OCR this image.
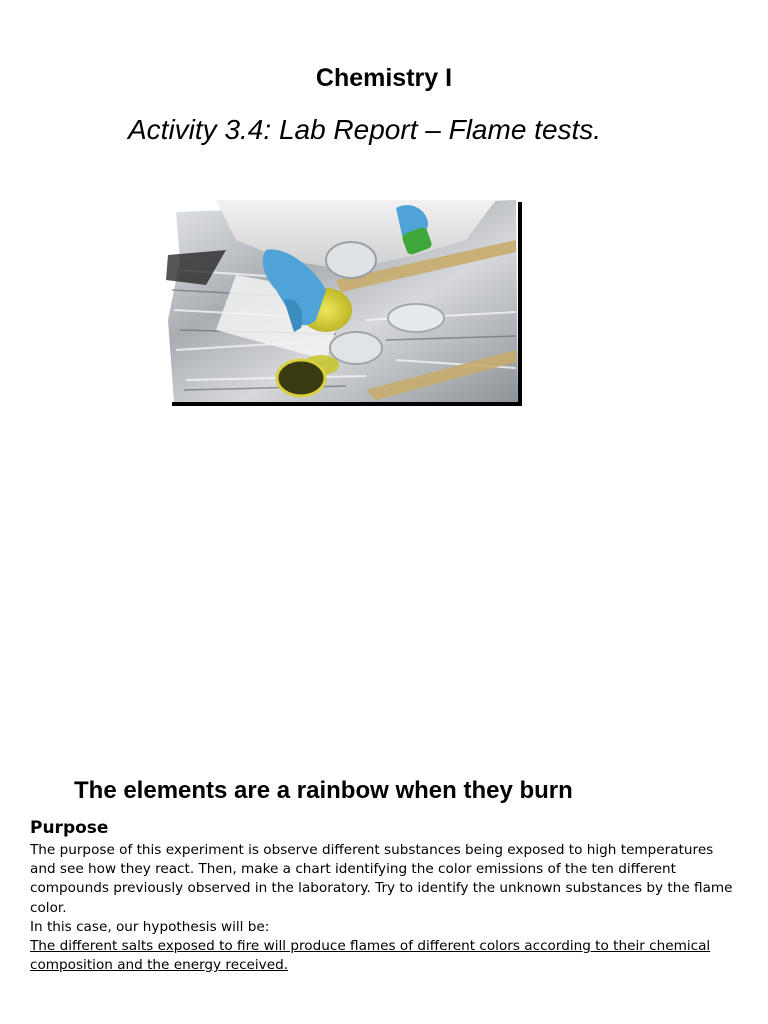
Chemistry I
Activity 3.4: Lab Report – Flame tests.
The elements are a rainbow when they burn
Purpose

The purpose of this experiment is observe different substances being exposed to high temperatures and see how they react. Then, make a chart identifying the color emissions of the ten different compounds previously observed in the laboratory. Try to identify the unknown substances by the flame color.

In this case, our hypothesis will be:

The different salts exposed to fire will produce flames of different colors according to their chemical composition and the energy received.
